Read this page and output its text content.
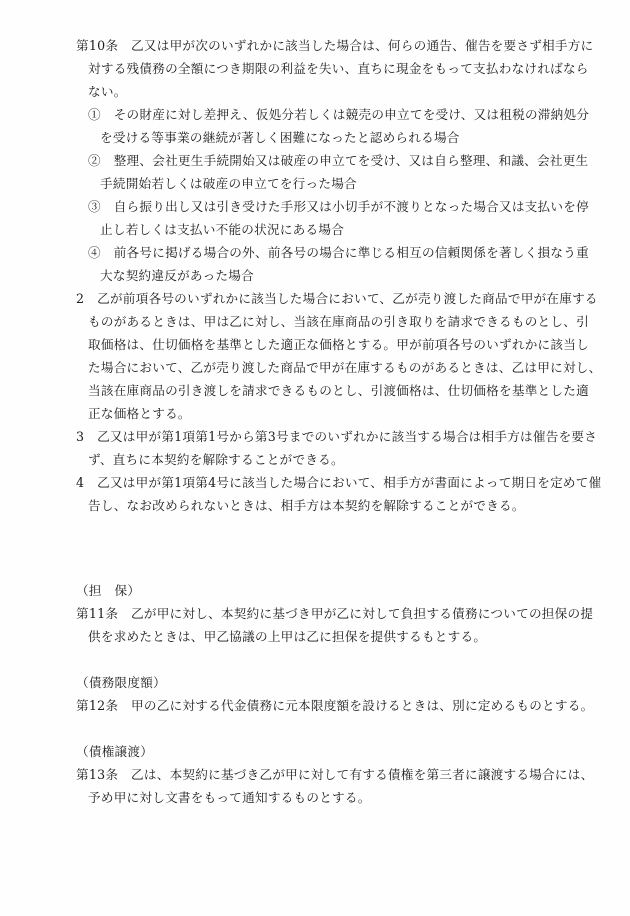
第10条　乙又は甲が次のいずれかに該当した場合は、何らの通告、催告を要さず相手方に
対する残債務の全額につき期限の利益を失い、直ちに現金をもって支払わなければなら
ない。
①　その財産に対し差押え、仮処分若しくは競売の申立てを受け、又は租税の滞納処分
を受ける等事業の継続が著しく困難になったと認められる場合
②　整理、会社更生手続開始又は破産の申立てを受け、又は自ら整理、和議、会社更生
手続開始若しくは破産の申立てを行った場合
③　自ら振り出し又は引き受けた手形又は小切手が不渡りとなった場合又は支払いを停
止し若しくは支払い不能の状況にある場合
④　前各号に掲げる場合の外、前各号の場合に準じる相互の信頼関係を著しく損なう重
大な契約違反があった場合
2　乙が前項各号のいずれかに該当した場合において、乙が売り渡した商品で甲が在庫する
ものがあるときは、甲は乙に対し、当該在庫商品の引き取りを請求できるものとし、引
取価格は、仕切価格を基準とした適正な価格とする。甲が前項各号のいずれかに該当し
た場合において、乙が売り渡した商品で甲が在庫するものがあるときは、乙は甲に対し、
当該在庫商品の引き渡しを請求できるものとし、引渡価格は、仕切価格を基準とした適
正な価格とする。
3　乙又は甲が第1項第1号から第3号までのいずれかに該当する場合は相手方は催告を要さ
ず、直ちに本契約を解除することができる。
4　乙又は甲が第1項第4号に該当した場合において、相手方が書面によって期日を定めて催
告し、なお改められないときは、相手方は本契約を解除することができる。
（担　保）
第11条　乙が甲に対し、本契約に基づき甲が乙に対して負担する債務についての担保の提
供を求めたときは、甲乙協議の上甲は乙に担保を提供するもとする。
（債務限度額）
第12条　甲の乙に対する代金債務に元本限度額を設けるときは、別に定めるものとする。
（債権譲渡）
第13条　乙は、本契約に基づき乙が甲に対して有する債権を第三者に譲渡する場合には、
予め甲に対し文書をもって通知するものとする。
